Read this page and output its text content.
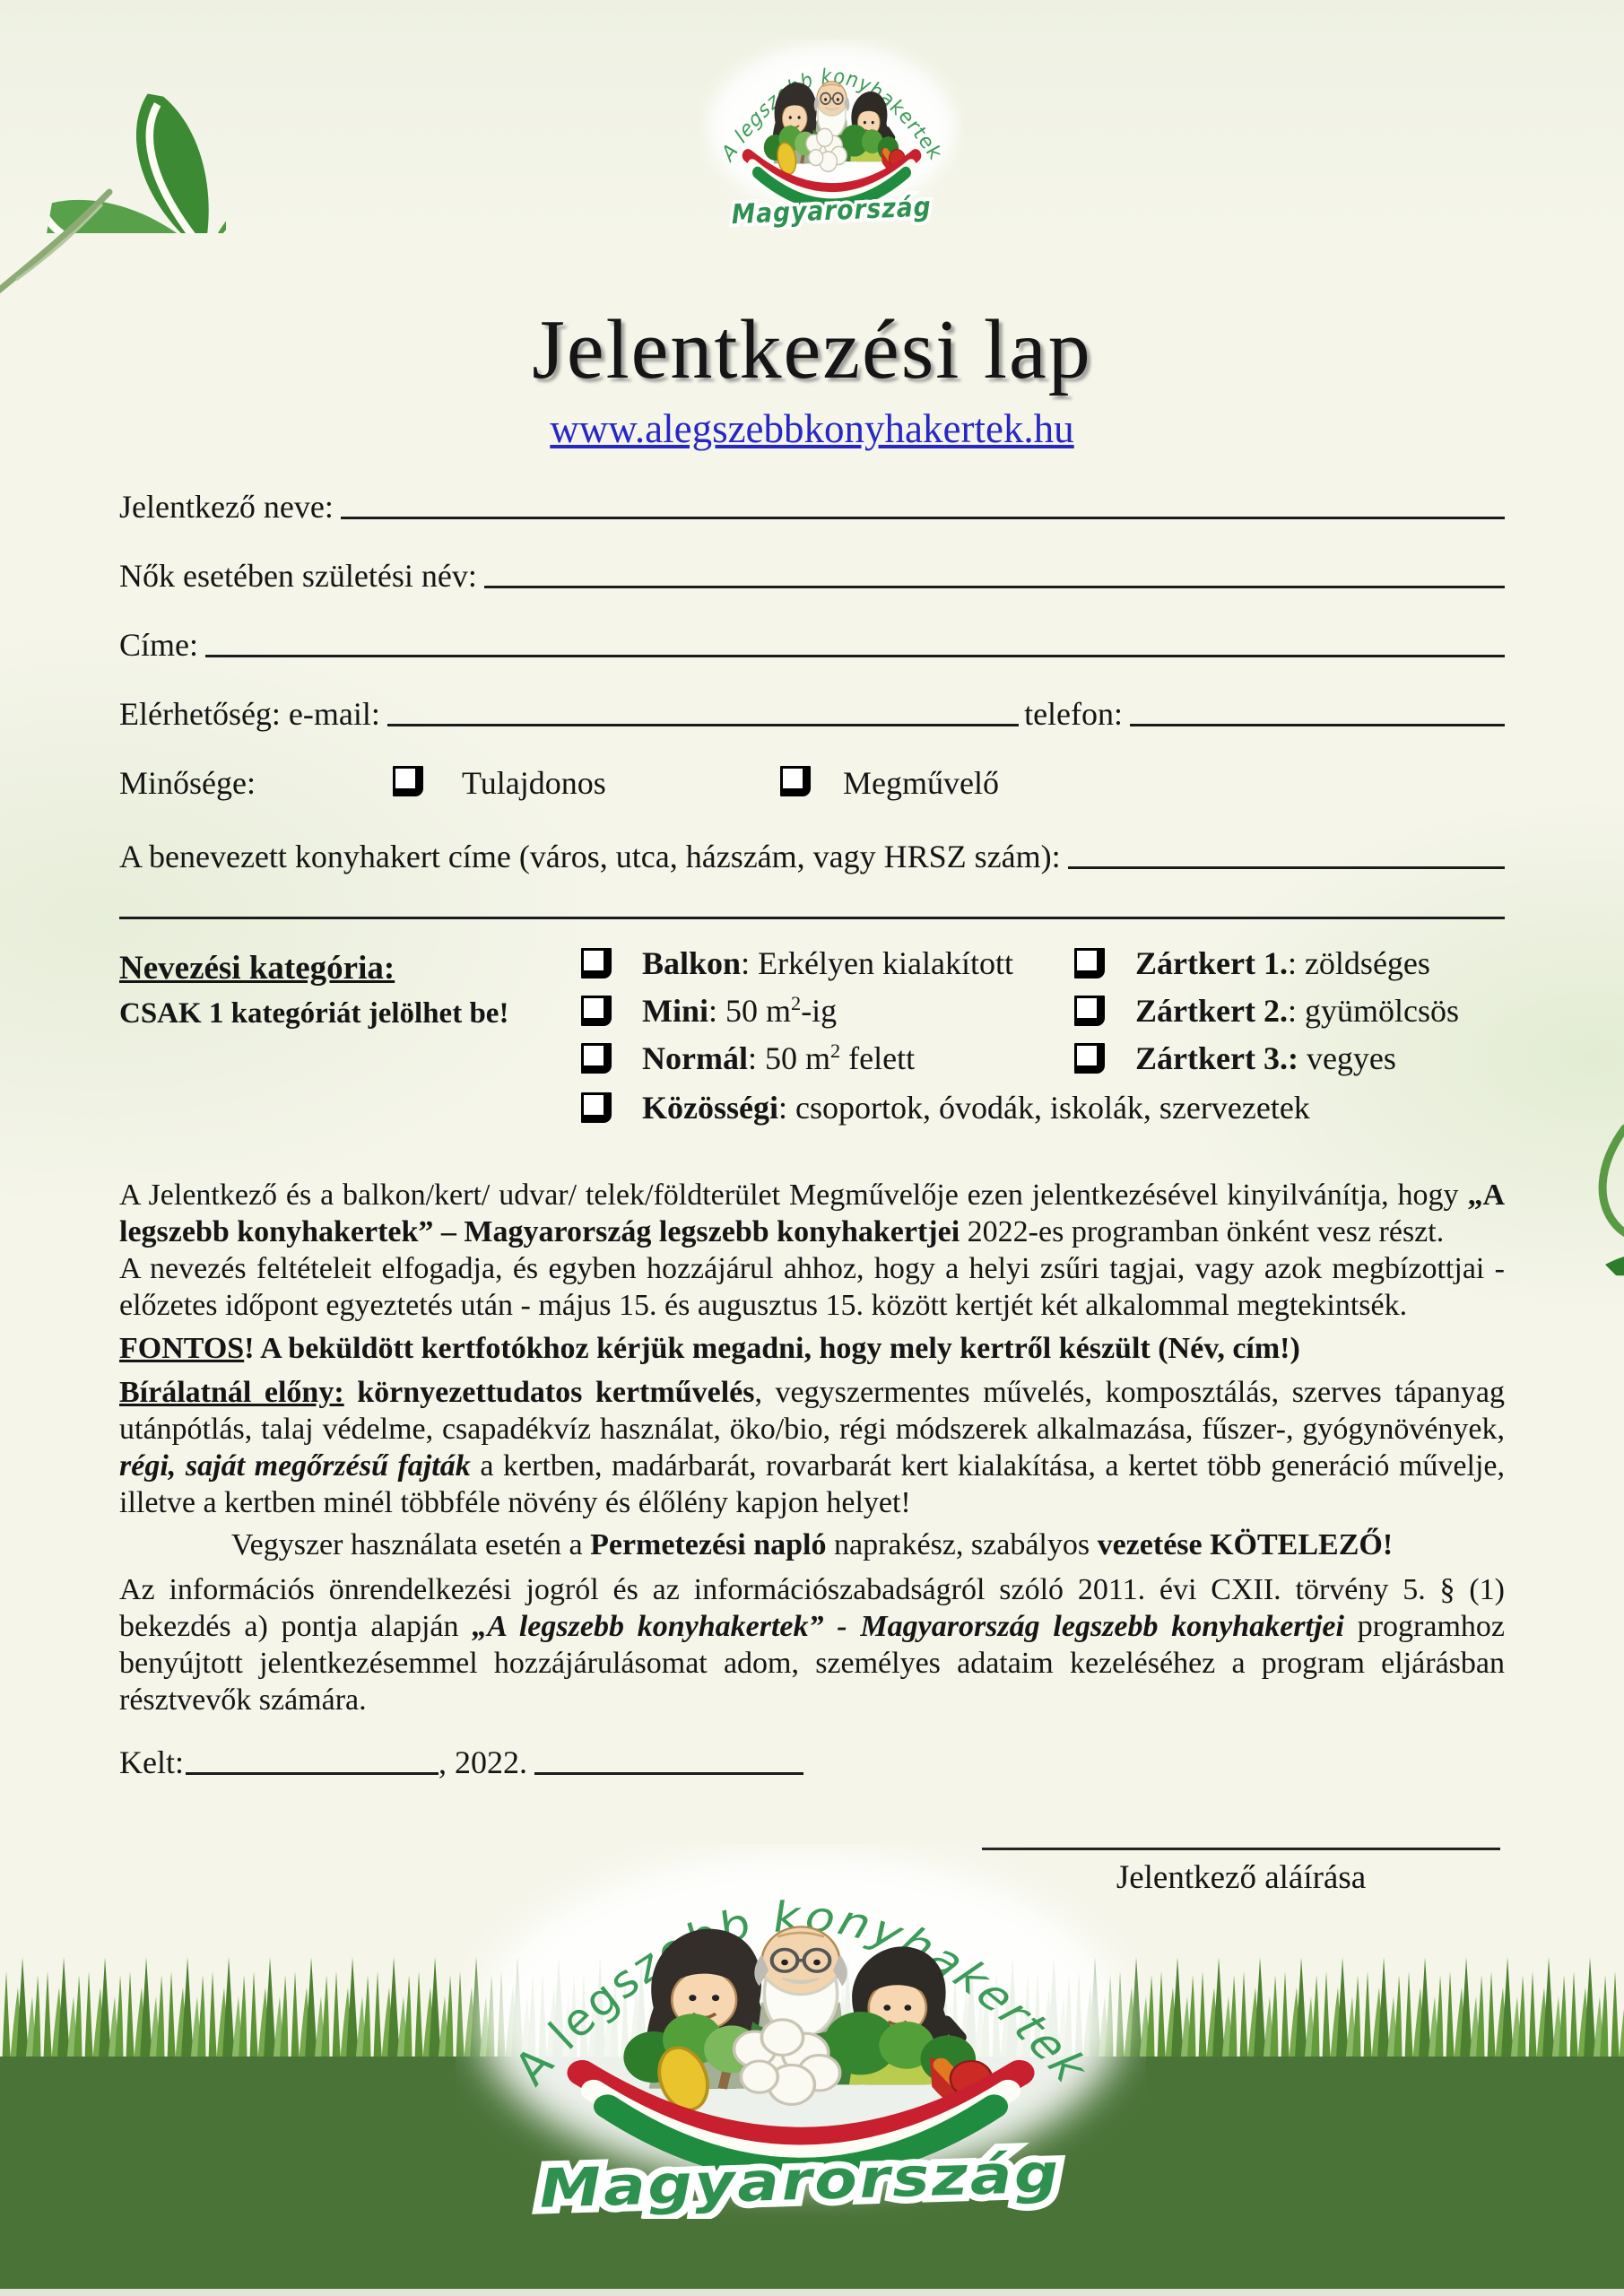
Jelentkezési lap
www.alegszebbkonyhakertek.hu
Jelentkező neve:
Nők esetében születési név:
Címe:
Elérhetőség: e-mail:	telefon:
Minősége:	Tulajdonos	Megművelő
A benevezett konyhakert címe (város, utca, házszám, vagy HRSZ szám):
Nevezési kategória:
CSAK 1 kategóriát jelölhet be!
Balkon: Erkélyen kialakított
Mini: 50 $m^2-ig$
Normál: 50 $m^2$ felett
Közösségi: csoportok, óvodák, iskolák, szervezetek
Zártkert 1.: zöldséges
Zártkert 2.: gyümölcsös
Zártkert 3.: vegyes
A Jelentkező és a balkon/kert/ udvar/ telek/földterület Megművelője ezen jelentkezésével kinyilvánítja, hogy „A legszebb konyhakertek” – Magyarország legszebb konyhakertjei 2022-es programban önként vesz részt.
A nevezés feltételeit elfogadja, és egyben hozzájárul ahhoz, hogy a helyi zsűri tagjai, vagy azok megbízottjai - előzetes időpont egyeztetés után - május 15. és augusztus 15. között kertjét két alkalommal megtekintsék.
FONTOS! A beküldött kertfotókhoz kérjük megadni, hogy mely kertről készült (Név, cím!)
Bírálatnál előny: környezettudatos kertművelés, vegyszermentes művelés, komposztálás, szerves tápanyag utánpótlás, talaj védelme, csapadékvíz használat, öko/bio, régi módszerek alkalmazása, fűszer-, gyógynövények, régi, saját megőrzésű fajták a kertben, madárbarát, rovarbarát kert kialakítása, a kertet több generáció művelje, illetve a kertben minél többféle növény és élőlény kapjon helyet!
Vegyszer használata esetén a Permetezési napló naprakész, szabályos vezetése KÖTELEZŐ!
Az információs önrendelkezési jogról és az információszabadságról szóló 2011. évi CXII. törvény 5. § (1) bekezdés a) pontja alapján „A legszebb konyhakertek” - Magyarország legszebb konyhakertjei programhoz benyújtott jelentkezésemmel hozzájárulásomat adom, személyes adataim kezeléséhez a program eljárásban résztvevők számára.
Kelt:	, 2022.
Jelentkező aláírása
